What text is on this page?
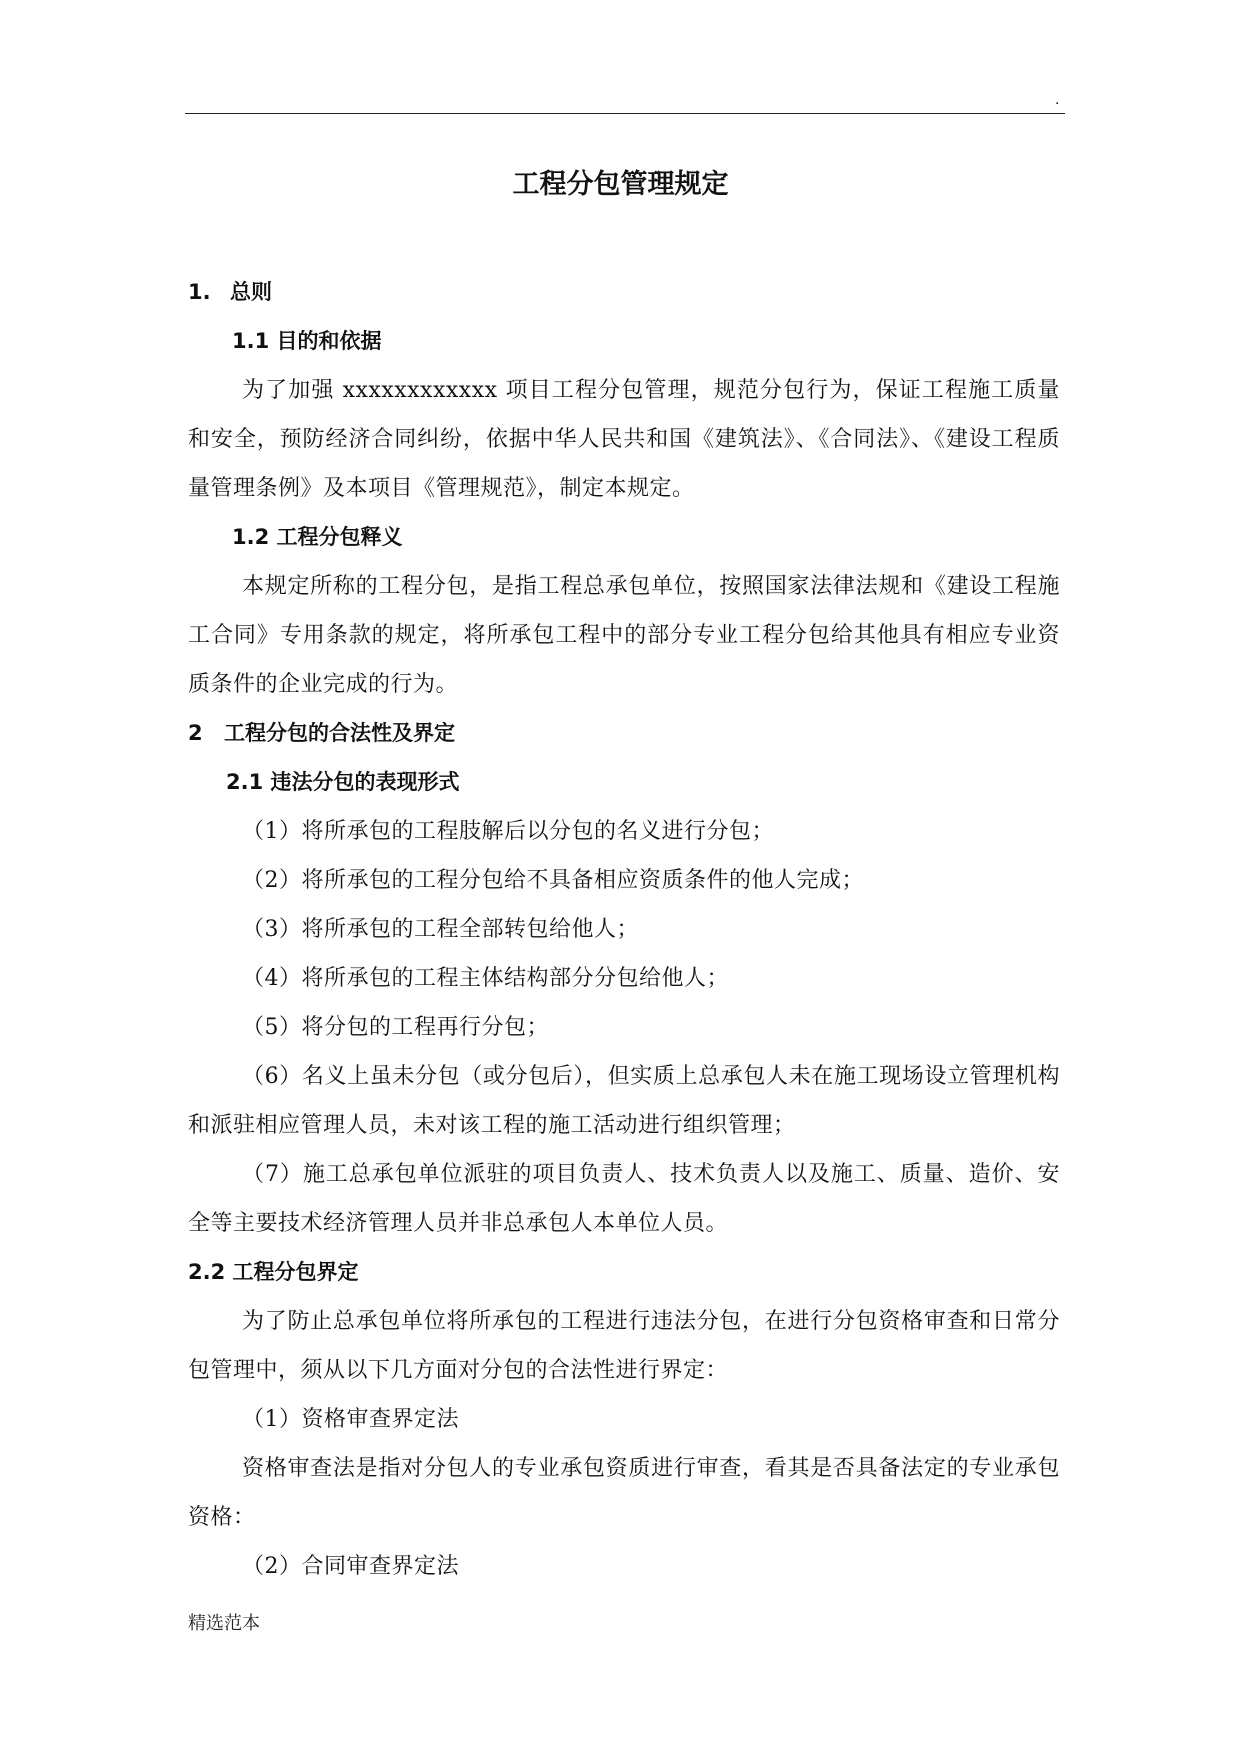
.
工程分包管理规定
1. 总则
1.1 目的和依据

为了加强 xxxxxxxxxxxx 项目工程分包管理，规范分包行为，保证工程施工质量和安全，预防经济合同纠纷，依据中华人民共和国《建筑法》、《合同法》、《建设工程质量管理条例》及本项目《管理规范》，制定本规定。

1.2 工程分包释义

本规定所称的工程分包，是指工程总承包单位，按照国家法律法规和《建设工程施工合同》专用条款的规定，将所承包工程中的部分专业工程分包给其他具有相应专业资质条件的企业完成的行为。

2 工程分包的合法性及界定
2.1 违法分包的表现形式

（1）将所承包的工程肢解后以分包的名义进行分包；

（2）将所承包的工程分包给不具备相应资质条件的他人完成；

（3）将所承包的工程全部转包给他人；

（4）将所承包的工程主体结构部分分包给他人；

（5）将分包的工程再行分包；

（6）名义上虽未分包（或分包后），但实质上总承包人未在施工现场设立管理机构和派驻相应管理人员，未对该工程的施工活动进行组织管理；

（7）施工总承包单位派驻的项目负责人、技术负责人以及施工、质量、造价、安全等主要技术经济管理人员并非总承包人本单位人员。

2.2 工程分包界定

为了防止总承包单位将所承包的工程进行违法分包，在进行分包资格审查和日常分包管理中，须从以下几方面对分包的合法性进行界定：

（1）资格审查界定法

资格审查法是指对分包人的专业承包资质进行审查，看其是否具备法定的专业承包资格：

（2）合同审查界定法

精选范本
